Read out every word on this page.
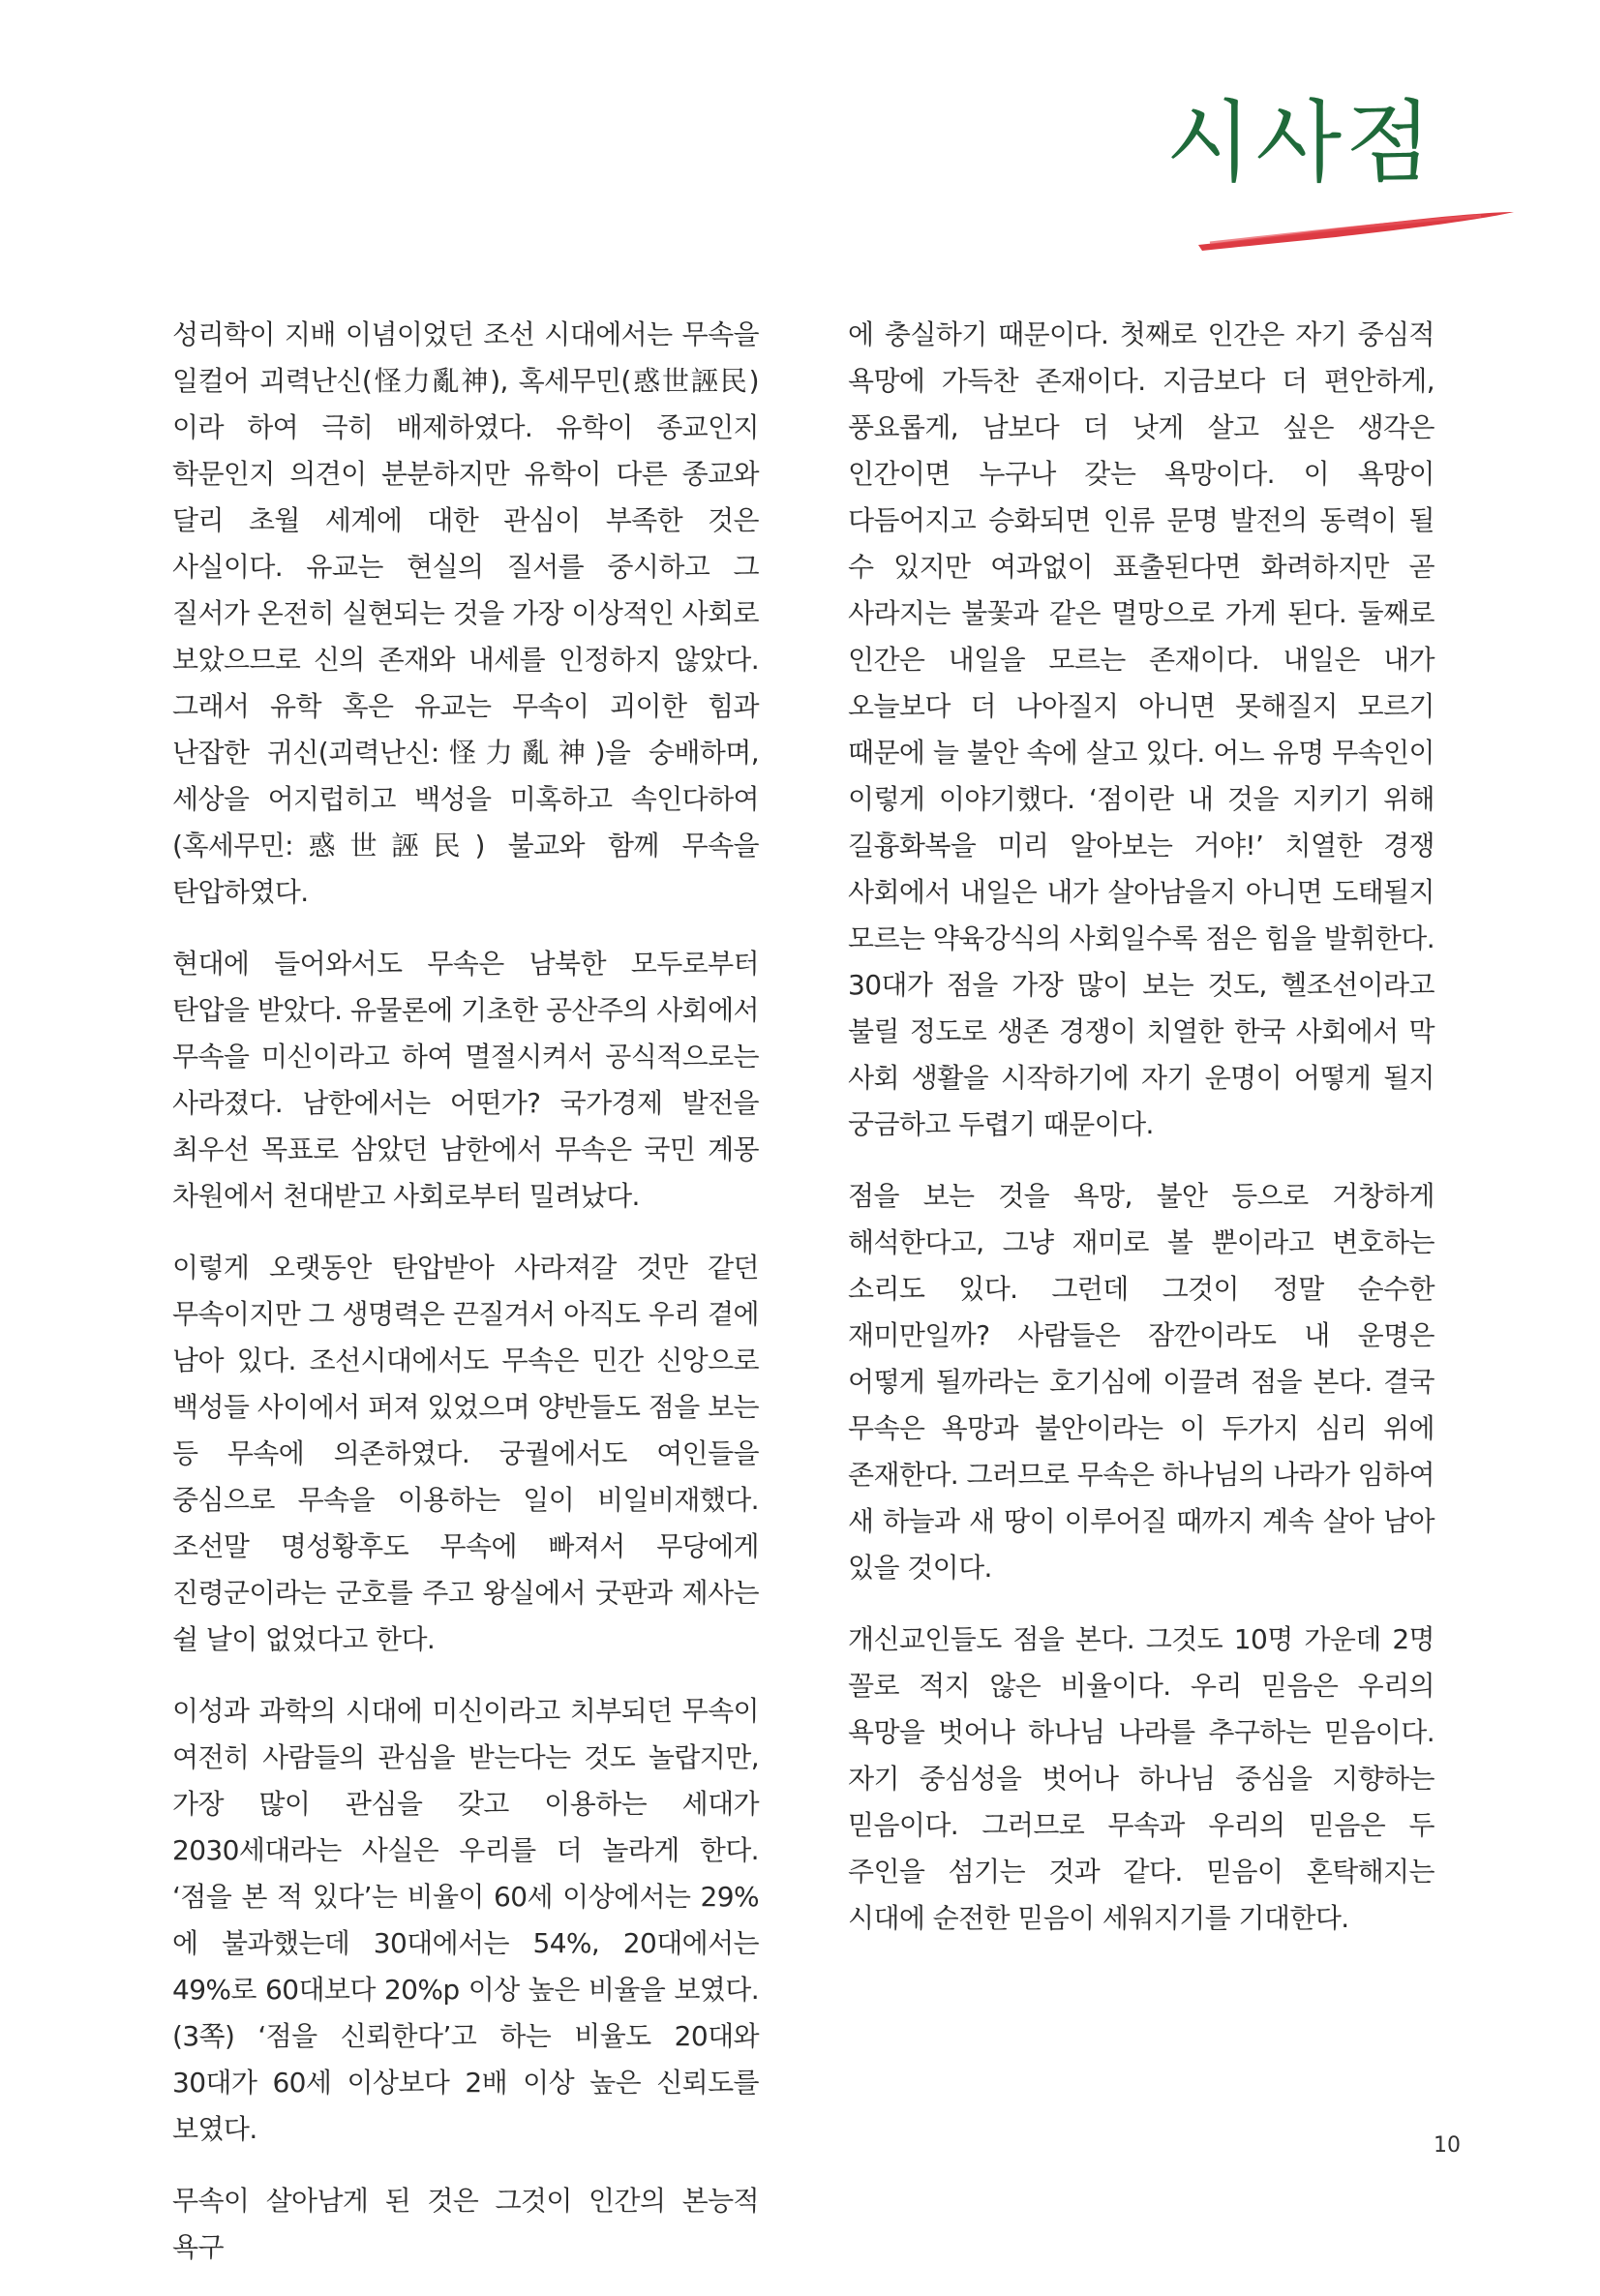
시사점

성리학이 지배 이념이었던 조선 시대에서는 무속을 일컬어 괴력난신(怪力亂神), 혹세무민(惑世誣民)이라 하여 극히 배제하였다. 유학이 종교인지 학문인지 의견이 분분하지만 유학이 다른 종교와 달리 초월 세계에 대한 관심이 부족한 것은 사실이다. 유교는 현실의 질서를 중시하고 그 질서가 온전히 실현되는 것을 가장 이상적인 사회로 보았으므로 신의 존재와 내세를 인정하지 않았다. 그래서 유학 혹은 유교는 무속이 괴이한 힘과 난잡한 귀신(괴력난신:怪力亂神)을 숭배하며, 세상을 어지럽히고 백성을 미혹하고 속인다하여(혹세무민:惑世誣民) 불교와 함께 무속을 탄압하였다.

현대에 들어와서도 무속은 남북한 모두로부터 탄압을 받았다. 유물론에 기초한 공산주의 사회에서 무속을 미신이라고 하여 멸절시켜서 공식적으로는 사라졌다. 남한에서는 어떤가? 국가경제 발전을 최우선 목표로 삼았던 남한에서 무속은 국민 계몽 차원에서 천대받고 사회로부터 밀려났다.

이렇게 오랫동안 탄압받아 사라져갈 것만 같던 무속이지만 그 생명력은 끈질겨서 아직도 우리 곁에 남아 있다. 조선시대에서도 무속은 민간 신앙으로 백성들 사이에서 퍼져 있었으며 양반들도 점을 보는 등 무속에 의존하였다. 궁궐에서도 여인들을 중심으로 무속을 이용하는 일이 비일비재했다. 조선말 명성황후도 무속에 빠져서 무당에게 진령군이라는 군호를 주고 왕실에서 굿판과 제사는 쉴 날이 없었다고 한다.

이성과 과학의 시대에 미신이라고 치부되던 무속이 여전히 사람들의 관심을 받는다는 것도 놀랍지만, 가장 많이 관심을 갖고 이용하는 세대가 2030세대라는 사실은 우리를 더 놀라게 한다. ‘점을 본 적 있다’는 비율이 60세 이상에서는 29%에 불과했는데 30대에서는 54%, 20대에서는 49%로 60대보다 20%p 이상 높은 비율을 보였다.(3쪽) ‘점을 신뢰한다’고 하는 비율도 20대와 30대가 60세 이상보다 2배 이상 높은 신뢰도를 보였다.

무속이 살아남게 된 것은 그것이 인간의 본능적 욕구

에 충실하기 때문이다. 첫째로 인간은 자기 중심적 욕망에 가득찬 존재이다. 지금보다 더 편안하게, 풍요롭게, 남보다 더 낫게 살고 싶은 생각은 인간이면 누구나 갖는 욕망이다. 이 욕망이 다듬어지고 승화되면 인류 문명 발전의 동력이 될 수 있지만 여과없이 표출된다면 화려하지만 곧 사라지는 불꽃과 같은 멸망으로 가게 된다. 둘째로 인간은 내일을 모르는 존재이다. 내일은 내가 오늘보다 더 나아질지 아니면 못해질지 모르기 때문에 늘 불안 속에 살고 있다. 어느 유명 무속인이 이렇게 이야기했다. ‘점이란 내 것을 지키기 위해 길흉화복을 미리 알아보는 거야!’ 치열한 경쟁 사회에서 내일은 내가 살아남을지 아니면 도태될지 모르는 약육강식의 사회일수록 점은 힘을 발휘한다. 30대가 점을 가장 많이 보는 것도, 헬조선이라고 불릴 정도로 생존 경쟁이 치열한 한국 사회에서 막 사회 생활을 시작하기에 자기 운명이 어떻게 될지 궁금하고 두렵기 때문이다.

점을 보는 것을 욕망, 불안 등으로 거창하게 해석한다고, 그냥 재미로 볼 뿐이라고 변호하는 소리도 있다. 그런데 그것이 정말 순수한 재미만일까? 사람들은 잠깐이라도 내 운명은 어떻게 될까라는 호기심에 이끌려 점을 본다. 결국 무속은 욕망과 불안이라는 이 두가지 심리 위에 존재한다. 그러므로 무속은 하나님의 나라가 임하여 새 하늘과 새 땅이 이루어질 때까지 계속 살아 남아 있을 것이다.

개신교인들도 점을 본다. 그것도 10명 가운데 2명 꼴로 적지 않은 비율이다. 우리 믿음은 우리의 욕망을 벗어나 하나님 나라를 추구하는 믿음이다. 자기 중심성을 벗어나 하나님 중심을 지향하는 믿음이다. 그러므로 무속과 우리의 믿음은 두 주인을 섬기는 것과 같다. 믿음이 혼탁해지는 시대에 순전한 믿음이 세워지기를 기대한다.

10
